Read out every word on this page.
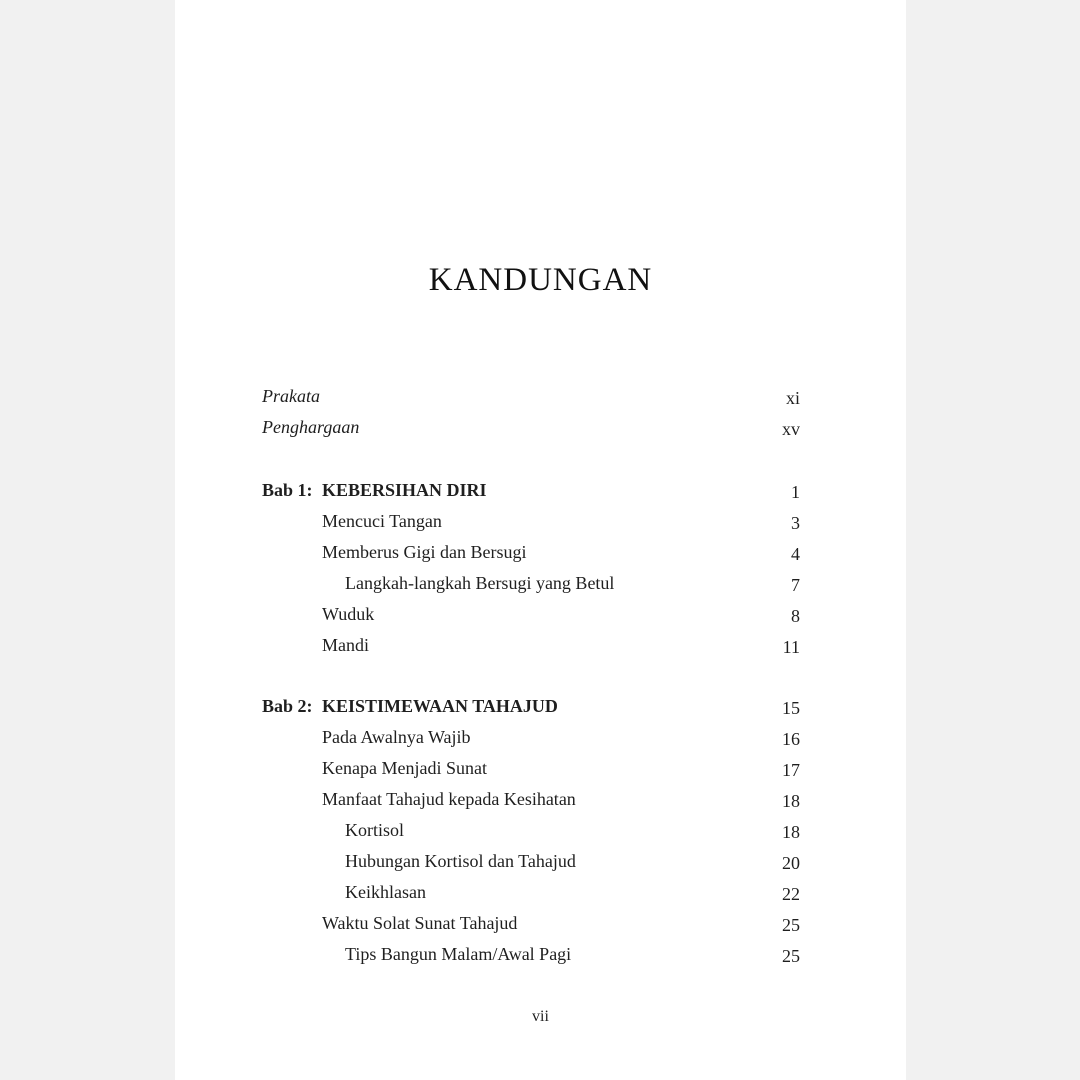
KANDUNGAN
Prakata	xi
Penghargaan	xv
Bab 1: KEBERSIHAN DIRI	1
Mencuci Tangan	3
Memberus Gigi dan Bersugi	4
Langkah-langkah Bersugi yang Betul	7
Wuduk	8
Mandi	11
Bab 2: KEISTIMEWAAN TAHAJUD	15
Pada Awalnya Wajib	16
Kenapa Menjadi Sunat	17
Manfaat Tahajud kepada Kesihatan	18
Kortisol	18
Hubungan Kortisol dan Tahajud	20
Keikhlasan	22
Waktu Solat Sunat Tahajud	25
Tips Bangun Malam/Awal Pagi	25
vii
